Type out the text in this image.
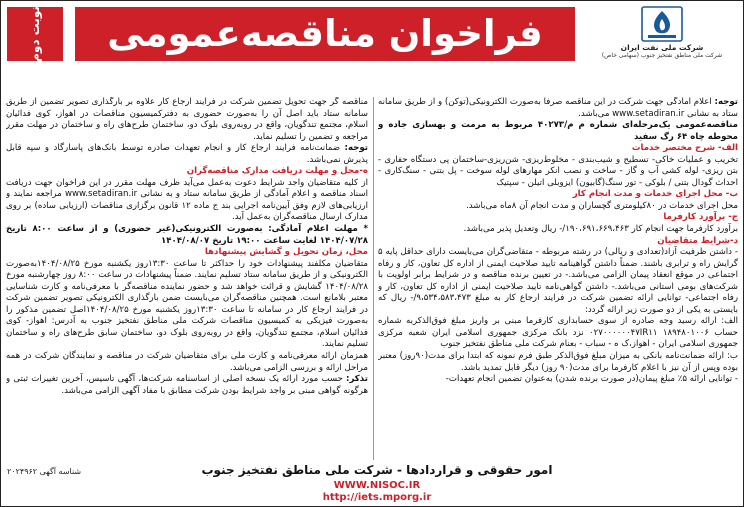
شرکت ملی نفت ایران
شرکت ملی مناطق نفتخیز جنوب (سهامی خاص)
فراخوان مناقصه‌عمومی
نوبت دوم

توجه: اعلام آمادگی جهت شرکت در این مناقصه صرفاً به‌صورت الکترونیکی(توکن) و از طریق سامانه ستاد به نشانی www.setadiran.ir می‌باشد.

مناقصه‌عمومی یک‌مرحله‌ای شماره م م/۴۰۲۷۳ مربوط به مرمت و بهسازی جاده و محوطه چاه ۶۴ رگ سفید

الف- شرح مختصر خدمات

تخریب و عملیات خاکی- تسطیح و شیب‌بندی - مخلوط‌ریزی- شن‌ریزی-ساختمان پی دستگاه حفاری - بتن ریزی- لوله کشی آب و گاز - ساخت و نصب انکر مهارهای لوله سوخت - پل بتنی - سنگ‌کاری - احداث گودال بتنی / بلوکی - تور سنگ(گابیون) ایزوبلی اتیلن - سپتیک

ب- محل اجرای خدمات و مدت انجام کار

محل اجرای خدمات در ۸۰کیلومتری گچساران و مدت انجام آن ۸ماه می‌باشد.

ج- برآورد کارفرما

برآورد کارفرما جهت انجام کار ۱۹۰،۶۹۱،۶۶۹،۴۶۳/- ریال وتعدیل پذیر می‌باشد.

د-شرایط متقاضیان

- داشتن ظرفیت آزاد(تعدادی و ریالی) در رشته مربوطه - متقاضی‌گران می‌بایست دارای حداقل پایه ۵ گرایش راه و ترابری باشند. ضمناً داشتن گواهینامه تایید صلاحیت ایمنی از اداره کل تعاون، کار و رفاه اجتماعی در موقع انعقاد پیمان الزامی می‌باشد.- در تعیین برنده مناقصه و در شرایط برابر اولویت با شرکت‌های بومی استانی می‌باشد.- داشتن گواهی‌نامه تایید صلاحیت ایمنی از اداره کل تعاون، کار و رفاه اجتماعی- توانایی ارائه تضمین شرکت در فرایند ارجاع کار به مبلغ ۹،۵۳۴،۵۸۳،۴۷۳/- ریال که بایستی به یکی از دو صورت زیر ارائه گردد:

الف: ارائه رسید وجه صادره از سوی حسابداری کارفرما مبنی بر واریز مبلغ فوق‌الذکربه شماره حساب ۱۸۹۴۸۰۱۰۰۶ ۰۲۷۰۰۰۰۰۰۴۷IR۱۱ نزد بانک مرکزی جمهوری اسلامی ایران شعبه مرکزی جمهوری اسلامی ایران - اهواز،ک ه - سباب - بعنام شرکت ملی مناطق نفتخیز جنوب

ب: ارائه ضمانت‌نامه بانکی به میزان مبلغ فوق‌الذکر طبق فرم نمونه که ابتدا برای مدت(۹۰روز) معتبر بوده وپس از آن نیز با اعلام کارفرما برای مدت(۹۰ روز) دیگر قابل تمدید باشد.

- توانایی ارائه ۵٪ مبلغ پیمان(در صورت برنده شدن) به‌عنوان تضمین انجام تعهدات-

مناقصه گر جهت تحویل تضمین شرکت در فرایند ارجاع کار علاوه بر بارگذاری تصویر تضمین از طریق سامانه ستاد باید اصل آن را به‌صورت حضوری به دفترکمیسیون مناقصات در اهواز، کوی فدائیان اسلام، مجتمع تندگویان، واقع در روبه‌روی بلوک دو، ساختمان طرح‌های راه و ساختمان در مهلت مقرر مراجعه و تضمین را تسلیم نماید.

توجه: ضمانت‌نامه فرایند ارجاع کار و انجام تعهدات صادره توسط بانک‌های پاسارگاد و سپه قابل پذیرش نمی‌باشد.

ه-محل و مهلت دریافت مدارک مناقصه‌گران

از کلیه متقاضیان واجد شرایط دعوت به‌عمل می‌آید ظرف مهلت مقرر در این فراخوان جهت دریافت اسناد مناقصه و اعلام آمادگی از طریق سامانه ستاد و به نشانی www.setadiran.ir مراجعه نمایند و ارزیابی‌های لازم وفق آیین‌نامه اجرایی بند ج ماده ۱۲ قانون برگزاری مناقصات (ارزیابی ساده) بر روی مدارک ارسال مناقصه‌گران به‌عمل آید.

* مهلت اعلام آمادگی: به‌صورت الکترونیکی(غیر حضوری) و از ساعت ۸:۰۰ تاریخ ۱۴۰۴/۰۷/۲۸ لغایت ساعت ۱۹:۰۰ تاریخ ۱۴۰۴/۰۸/۰۷

محل، زمان تحویل و گشایش پیشنهادها

متقاضیان مکلفند پیشنهادات خود را حداکثر تا ساعت ۱۳:۳۰روز یکشنبه مورخ ۱۴۰۴/۰۸/۲۵به‌صورت الکترونیکی و از طریق سامانه ستاد تسلیم نمایند. ضمناً پیشنهادات در ساعت ۸:۰۰ روز چهارشنبه مورخ ۱۴۰۴/۰۸/۲۸ گشایش و قرائت خواهد شد و حضور نماینده مناقصه‌گر با معرفی‌نامه و کارت شناسایی معتبر بلامانع است. همچنین مناقصه‌گران می‌بایست ضمن بارگذاری الکترونیکی تصویر تضمین شرکت در فرایند ارجاع کار در سامانه تا ساعت ۱۳:۳۰روز یکشنبه مورخ ۱۴۰۴/۰۸/۲۵اصل تضمین مذکور را به‌صورت فیزیکی به کمیسیون مناقصات شرکت ملی مناطق نفتخیز جنوب به آدرس: اهواز- کوی فدائیان اسلام، مجتمع تندگویان، واقع در روبه‌روی بلوک دو، ساختمان سابق طرح‌های راه و ساختمان تسلیم نمایند.

همزمان ارائه معرفی‌نامه و کارت ملی برای متقاضیان شرکت در مناقصه و نمایندگان شرکت در همه مراحل ارائه و بررسی الزامی می‌باشد.

تذکر: حسب مورد ارائه یک نسخه اصلی از اساسنامه شرکت‌ها، آگهی تاسیس، آخرین تغییرات ثبتی و هرگونه گواهی مبنی بر واجد شرایط بودن شرکت مطابق با مفاد آگهی الزامی می‌باشد.

شناسه آگهی ۲۰۲۴۹۶۲	امور حقوقی و قراردادها - شرکت ملی مناطق نفتخیز جنوب
WWW.NISOC.IR
http://iets.mporg.ir
